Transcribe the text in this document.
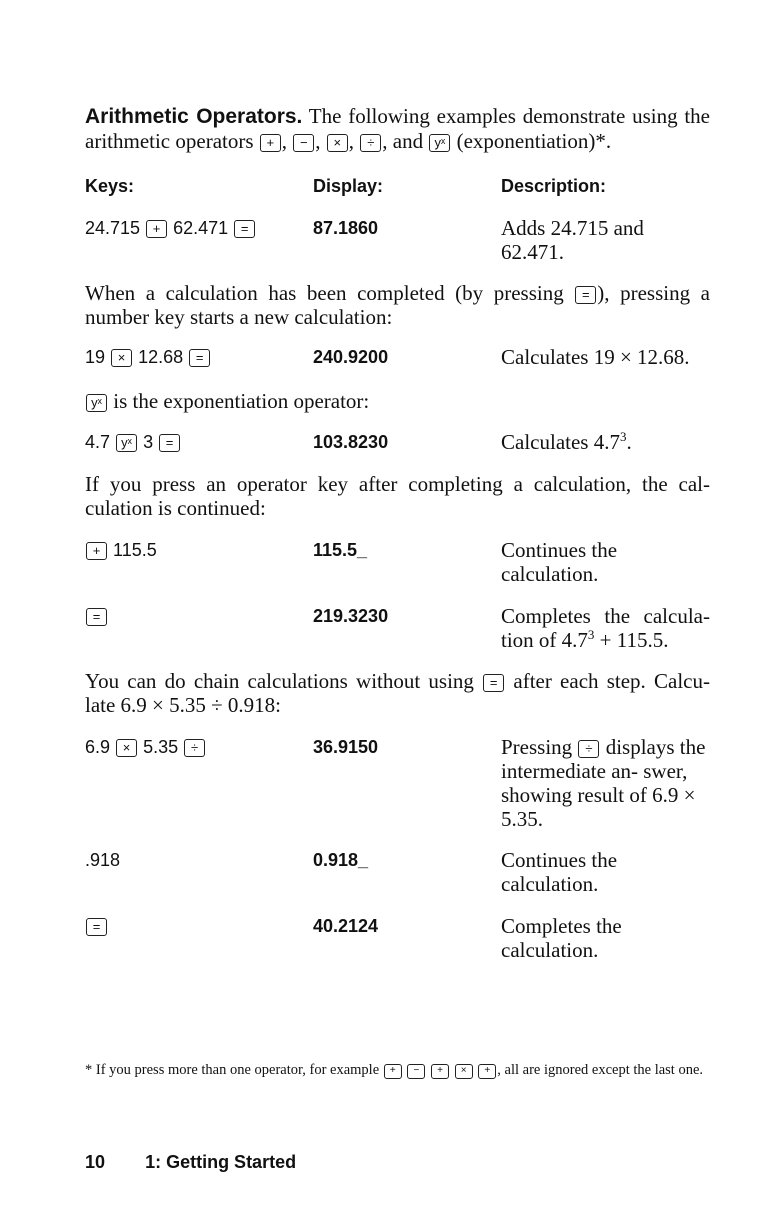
Arithmetic Operators. The following examples demonstrate using the arithmetic operators + , − , × , ÷ , and yˣ (exponentiation)*.
Keys:	Display:	Description:
24.715 + 62.471 =	87.1860	Adds 24.715 and 62.471.
When a calculation has been completed (by pressing = ), pressing a number key starts a new calculation:
19 × 12.68 =	240.9200	Calculates 19 × 12.68.
yˣ is the exponentiation operator:
4.7 yˣ 3 =	103.8230	Calculates $4.7^3$.
If you press an operator key after completing a calculation, the cal- culation is continued:
+ 115.5	115.5_	Continues the calculation.
=	219.3230	Completes the calcula- tion of $4.7^3 + 115.5$.
You can do chain calculations without using = after each step. Calcu- late 6.9 × 5.35 ÷ 0.918:
6.9 × 5.35 ÷	36.9150	Pressing ÷ displays the intermediate an- swer, showing result of 6.9 × 5.35.
.918	0.918_	Continues the calculation.
=	40.2124	Completes the calculation.
* If you press more than one operator, for example + − + × + , all are ignored except the last one.
10 1: Getting Started
